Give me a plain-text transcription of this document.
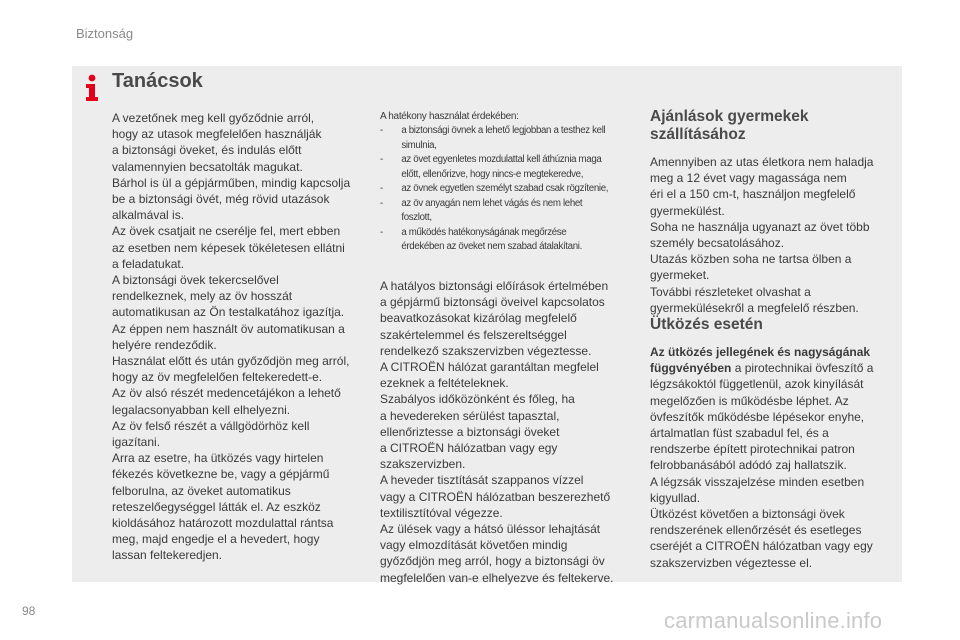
Biztonság
Tanácsok

A vezetőnek meg kell győződnie arról,
hogy az utasok megfelelően használják
a biztonsági öveket, és indulás előtt
valamennyien becsatolták magukat.
Bárhol is ül a gépjárműben, mindig kapcsolja
be a biztonsági övét, még rövid utazások
alkalmával is.
Az övek csatjait ne cserélje fel, mert ebben
az esetben nem képesek tökéletesen ellátni
a feladatukat.
A biztonsági övek tekercselővel
rendelkeznek, mely az öv hosszát
automatikusan az Ön testalkatához igazítja.
Az éppen nem használt öv automatikusan a
helyére rendeződik.
Használat előtt és után győződjön meg arról,
hogy az öv megfelelően feltekeredett-e.
Az öv alsó részét medencetájékon a lehető
legalacsonyabban kell elhelyezni.
Az öv felső részét a vállgödörhöz kell
igazítani.
Arra az esetre, ha ütközés vagy hirtelen
fékezés következne be, vagy a gépjármű
felborulna, az öveket automatikus
reteszelőegységgel látták el. Az eszköz
kioldásához határozott mozdulattal rántsa
meg, majd engedje el a hevedert, hogy
lassan feltekeredjen.

A hatékony használat érdekében:

- a biztonsági övnek a lehető legjobban a testhez kell
simulnia,
- az övet egyenletes mozdulattal kell áthúznia maga
előtt, ellenőrizve, hogy nincs-e megtekeredve,
- az övnek egyetlen személyt szabad csak rögzítenie,
- az öv anyagán nem lehet vágás és nem lehet
foszlott,
- a működés hatékonyságának megőrzése
érdekében az öveket nem szabad átalakítani.

A hatályos biztonsági előírások értelmében
a gépjármű biztonsági öveivel kapcsolatos
beavatkozásokat kizárólag megfelelő
szakértelemmel és felszereltséggel
rendelkező szakszervizben végeztesse.
A CITROËN hálózat garantáltan megfelel
ezeknek a feltételeknek.
Szabályos időközönként és főleg, ha
a hevedereken sérülést tapasztal,
ellenőriztesse a biztonsági öveket
a CITROËN hálózatban vagy egy
szakszervizben.
A heveder tisztítását szappanos vízzel
vagy a CITROËN hálózatban beszerezhető
textilisztítóval végezze.
Az ülések vagy a hátsó üléssor lehajtását
vagy elmozdítását követően mindig
győződjön meg arról, hogy a biztonsági öv
megfelelően van-e elhelyezve és feltekerve.

Ajánlások gyermekek
szállításához

Amennyiben az utas életkora nem haladja
meg a 12 évet vagy magassága nem
éri el a 150 cm-t, használjon megfelelő
gyermekülést.
Soha ne használja ugyanazt az övet több
személy becsatolásához.
Utazás közben soha ne tartsa ölben a
gyermeket.
További részleteket olvashat a
gyermekülésekről a megfelelő részben.

Ütközés esetén

Az ütközés jellegének és nagyságának
függvényében a pirotechnikai övfeszítő a
légzsákoktól függetlenül, azok kinyílását
megelőzően is működésbe léphet. Az
övfeszítők működésbe lépésekor enyhe,
ártalmatlan füst szabadul fel, és a
rendszerbe épített pirotechnikai patron
felrobbanásából adódó zaj hallatszik.
A légzsák visszajelzése minden esetben
kigyullad.
Ütközést követően a biztonsági övek
rendszerének ellenőrzését és esetleges
cseréjét a CITROËN hálózatban vagy egy
szakszervizben végeztesse el.

98	carmanualsonline.info
